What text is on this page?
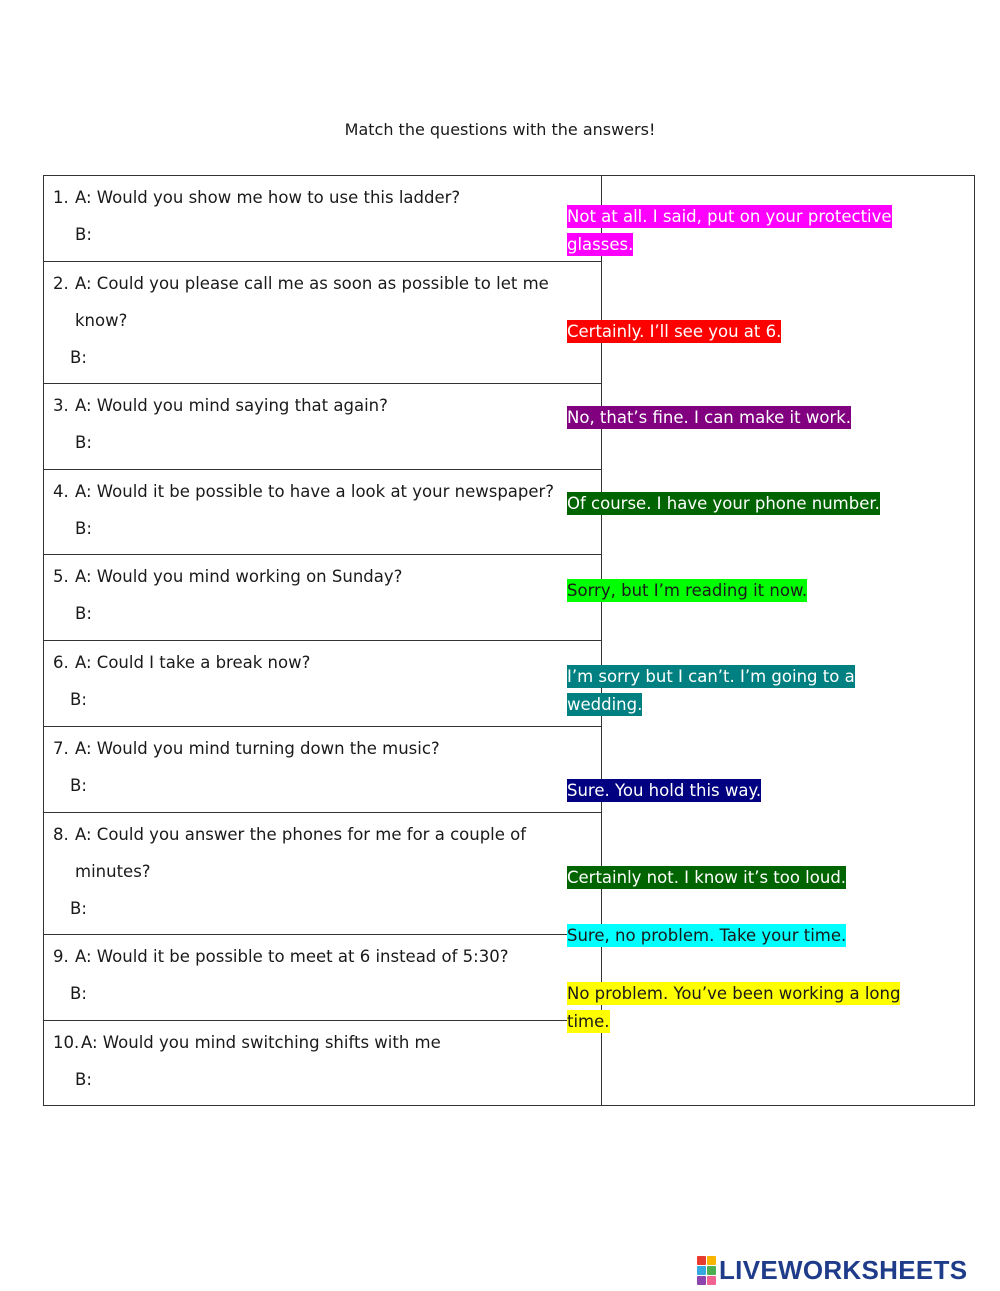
Match the questions with the answers!
1. A: Would you show me how to use this ladder?
B:
2. A: Could you please call me as soon as possible to let me
know?
B:
3. A: Would you mind saying that again?
B:
4. A: Would it be possible to have a look at your newspaper?
B:
5. A: Would you mind working on Sunday?
B:
6. A: Could I take a break now?
B:
7. A: Would you mind turning down the music?
B:
8. A: Could you answer the phones for me for a couple of
minutes?
B:
9. A: Would it be possible to meet at 6 instead of 5:30?
B:
10. A: Would you mind switching shifts with me
B:
Not at all. I said, put on your protective
glasses.
Certainly. I’ll see you at 6.
No, that’s fine. I can make it work.
Of course. I have your phone number.
Sorry, but I’m reading it now.
I’m sorry but I can’t. I’m going to a
wedding.
Sure. You hold this way.
Certainly not. I know it’s too loud.
Sure, no problem. Take your time.
No problem. You’ve been working a long
time.
LIVEWORKSHEETS
